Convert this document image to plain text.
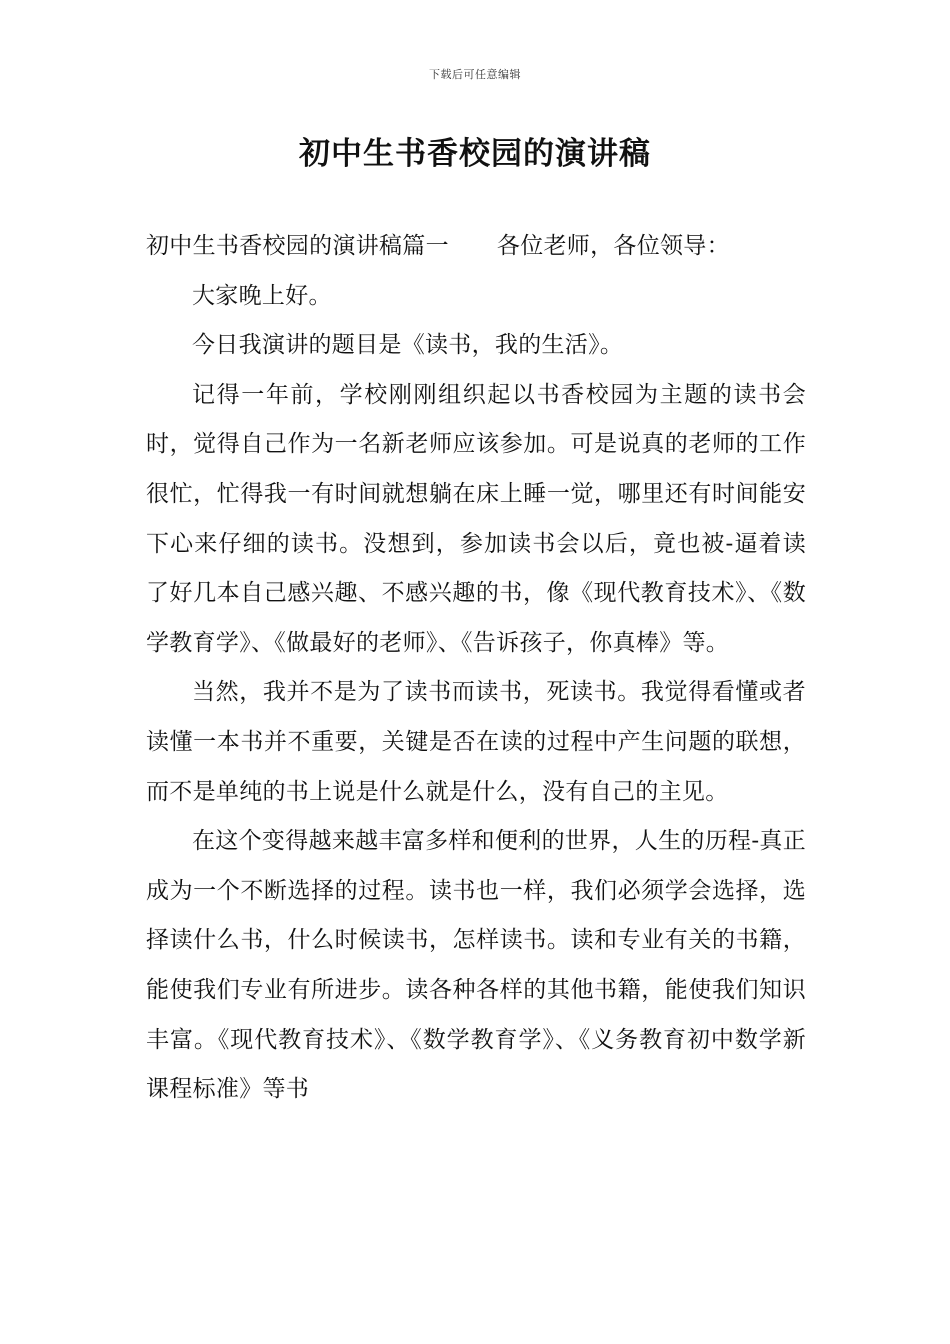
下载后可任意编辑
初中生书香校园的演讲稿

初中生书香校园的演讲稿篇一 各位老师，各位领导：

大家晚上好。

今日我演讲的题目是《读书，我的生活》。

记得一年前，学校刚刚组织起以书香校园为主题的读书会时，觉得自己作为一名新老师应该参加。可是说真的老师的工作很忙，忙得我一有时间就想躺在床上睡一觉，哪里还有时间能安下心来仔细的读书。没想到，参加读书会以后，竟也被-逼着读了好几本自己感兴趣、不感兴趣的书，像《现代教育技术》、《数学教育学》、《做最好的老师》、《告诉孩子，你真棒》等。

当然，我并不是为了读书而读书，死读书。我觉得看懂或者读懂一本书并不重要，关键是否在读的过程中产生问题的联想，而不是单纯的书上说是什么就是什么，没有自己的主见。

在这个变得越来越丰富多样和便利的世界，人生的历程-真正成为一个不断选择的过程。读书也一样，我们必须学会选择，选择读什么书，什么时候读书，怎样读书。读和专业有关的书籍，能使我们专业有所进步。读各种各样的其他书籍，能使我们知识丰富。《现代教育技术》、《数学教育学》、《义务教育初中数学新课程标准》等书
